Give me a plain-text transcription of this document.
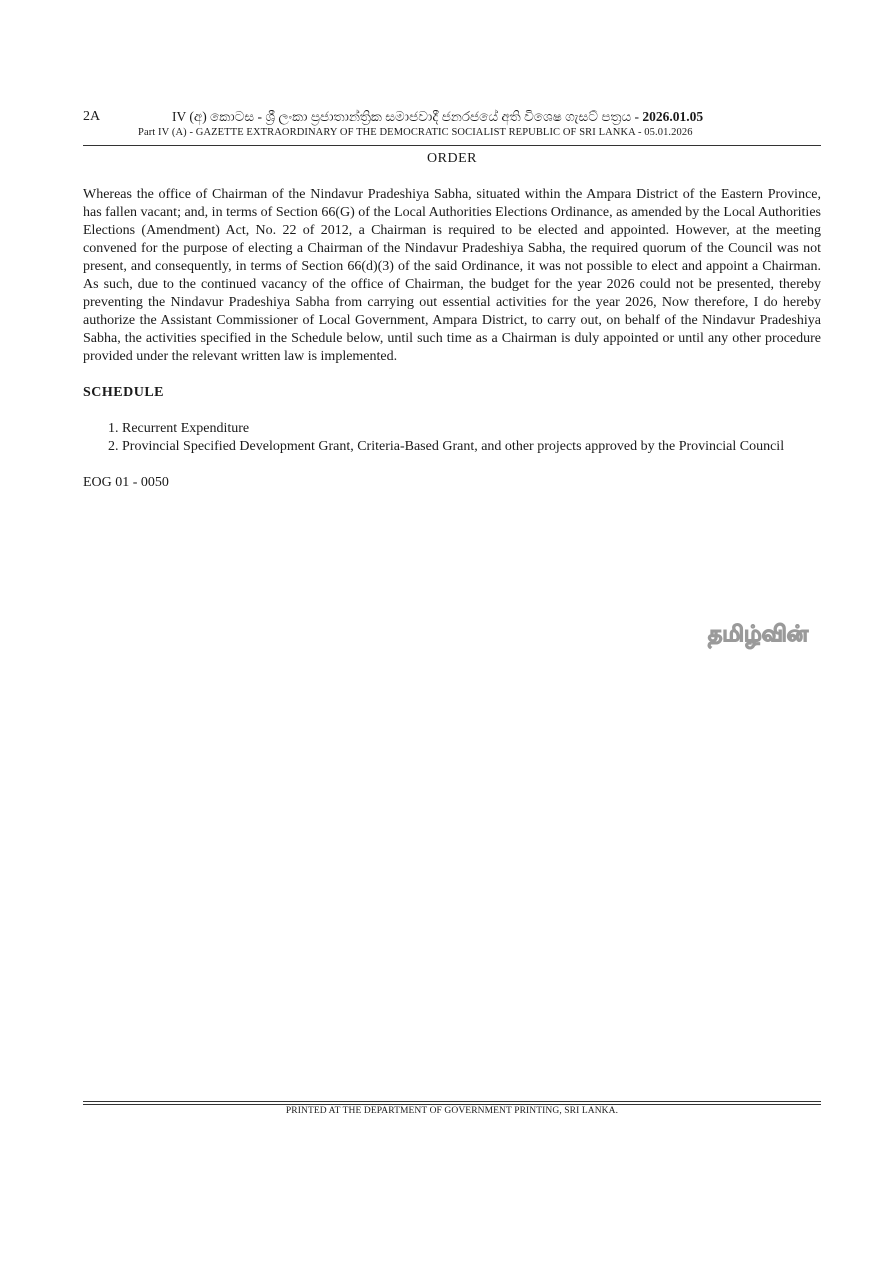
2A	IV (අ) කොටස - ශ්‍රී ලංකා ප්‍රජාතාන්ත්‍රික සමාජවාදී ජනරජයේ අති විශෙෂ ගැසට් පත්‍රය - 2026.01.05
Part IV (A) - GAZETTE EXTRAORDINARY OF THE DEMOCRATIC SOCIALIST REPUBLIC OF SRI LANKA - 05.01.2026
ORDER

Whereas the office of Chairman of the Nindavur Pradeshiya Sabha, situated within the Ampara District of the Eastern Province, has fallen vacant; and, in terms of Section 66(G) of the Local Authorities Elections Ordinance, as amended by the Local Authorities Elections (Amendment) Act, No. 22 of 2012, a Chairman is required to be elected and appointed. However, at the meeting convened for the purpose of electing a Chairman of the Nindavur Pradeshiya Sabha, the required quorum of the Council was not present, and consequently, in terms of Section 66(d)(3) of the said Ordinance, it was not possible to elect and appoint a Chairman. As such, due to the continued vacancy of the office of Chairman, the budget for the year 2026 could not be presented, thereby preventing the Nindavur Pradeshiya Sabha from carrying out essential activities for the year 2026, Now therefore, I do hereby authorize the Assistant Commissioner of Local Government, Ampara District, to carry out, on behalf of the Nindavur Pradeshiya Sabha, the activities specified in the Schedule below, until such time as a Chairman is duly appointed or until any other procedure provided under the relevant written law is implemented.

SCHEDULE
1. Recurrent Expenditure
2. Provincial Specified Development Grant, Criteria-Based Grant, and other projects approved by the Provincial Council
EOG 01 - 0050
தமிழ்வின்
PRINTED AT THE DEPARTMENT OF GOVERNMENT PRINTING, SRI LANKA.
